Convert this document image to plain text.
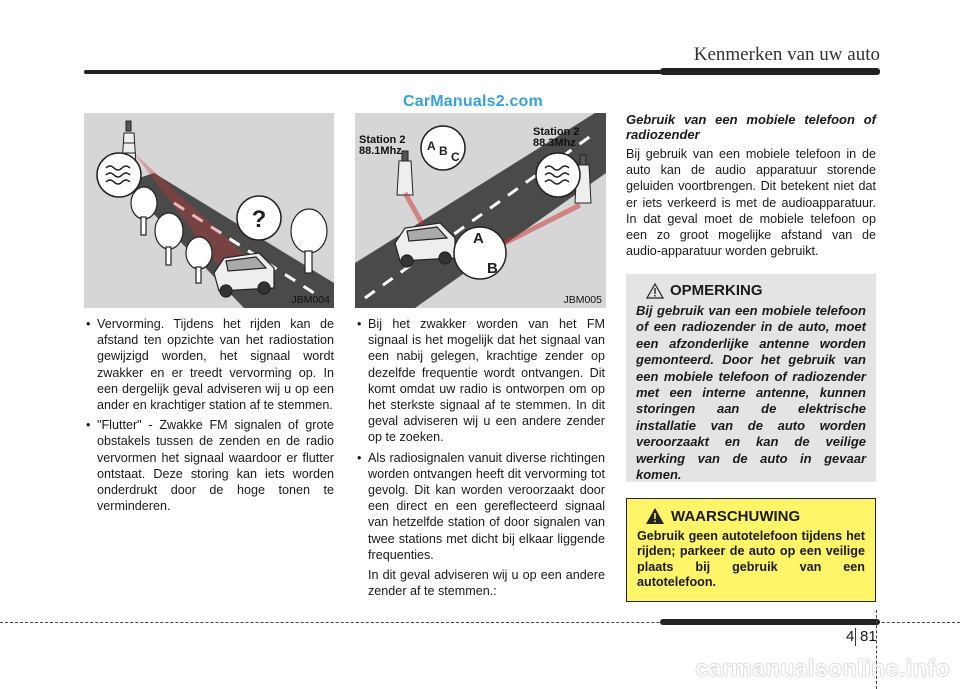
Kenmerken van uw auto
CarManuals2.com
?
JBM004
Station 2
88.1Mhz
Station 2
88.3Mhz
A B C
A
B
JBM005
• Vervorming. Tijdens het rijden kan de afstand ten opzichte van het radiostation gewijzigd worden, het signaal wordt zwakker en er treedt vervorming op. In een dergelijk geval adviseren wij u op een ander en krachtiger station af te stemmen.
• "Flutter" - Zwakke FM signalen of grote obstakels tussen de zenden en de radio vervormen het signaal waardoor er flutter ontstaat. Deze storing kan iets worden onderdrukt door de hoge tonen te verminderen.
• Bij het zwakker worden van het FM signaal is het mogelijk dat het signaal van een nabij gelegen, krachtige zender op dezelfde frequentie wordt ontvangen. Dit komt omdat uw radio is ontworpen om op het sterkste signaal af te stemmen. In dit geval adviseren wij u een andere zender op te zoeken.
• Als radiosignalen vanuit diverse richtingen worden ontvangen heeft dit vervorming tot gevolg. Dit kan worden veroorzaakt door een direct en een gereflecteerd signaal van hetzelfde station of door signalen van twee stations met dicht bij elkaar liggende frequenties.
In dit geval adviseren wij u op een andere zender af te stemmen.:
Gebruik van een mobiele telefoon of radiozender
Bij gebruik van een mobiele telefoon in de auto kan de audio apparatuur storende geluiden voortbrengen. Dit betekent niet dat er iets verkeerd is met de audioapparatuur. In dat geval moet de mobiele telefoon op een zo groot mogelijke afstand van de audio-apparatuur worden gebruikt.
OPMERKING
Bij gebruik van een mobiele telefoon of een radiozender in de auto, moet een afzonderlijke antenne worden gemonteerd. Door het gebruik van een mobiele telefoon of radiozender met een interne antenne, kunnen storingen aan de elektrische installatie van de auto worden veroorzaakt en kan de veilige werking van de auto in gevaar komen.
WAARSCHUWING
Gebruik geen autotelefoon tijdens het rijden; parkeer de auto op een veilige plaats bij gebruik van een autotelefoon.
4 81
carmanualsonline.info
